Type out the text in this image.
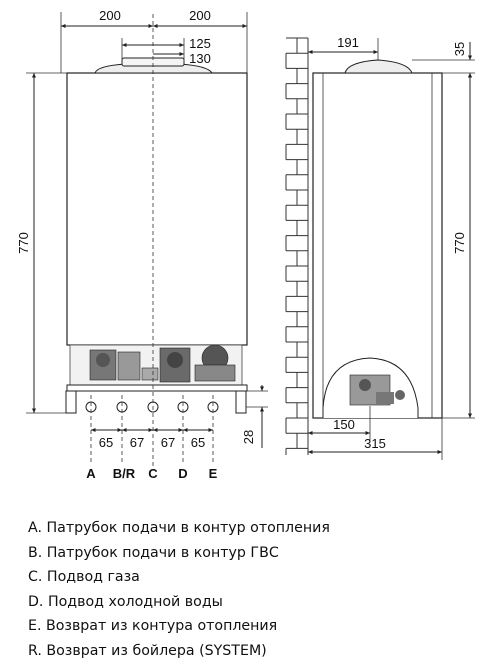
200	200
125
130
770
28
65 67 67 65
A B/R C D E
191	35
770
150
315
A. Патрубок подачи в контур отопления
B. Патрубок подачи в контур ГВС
C. Подвод газа
D. Подвод холодной воды
E. Возврат из контура отопления
R. Возврат из бойлера (SYSTEM)
